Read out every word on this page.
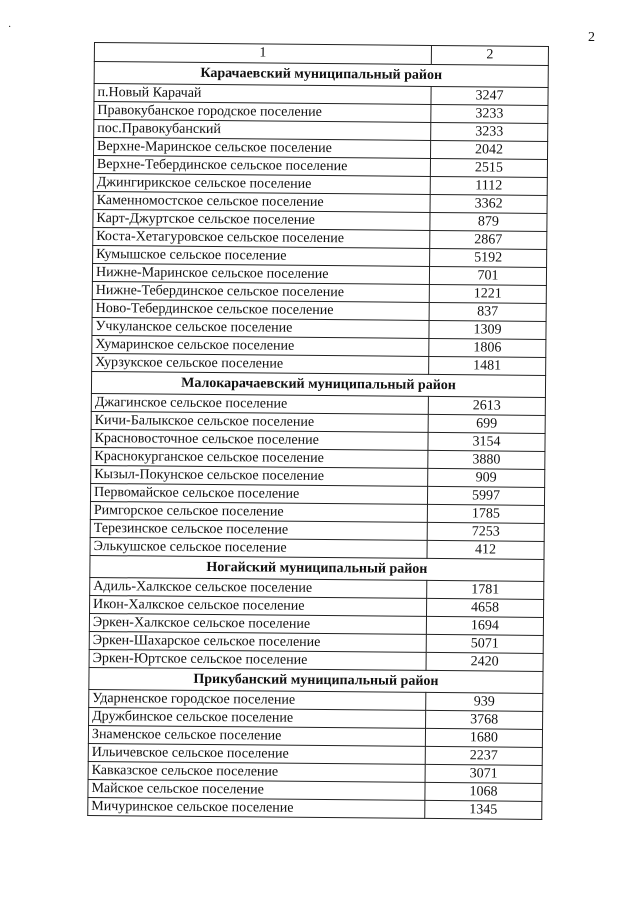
·
2
1	2
Карачаевский муниципальный район	
п.Новый Карачай	3247
Правокубанское городское поселение	3233
пос.Правокубанский	3233
Верхне-Маринское сельское поселение	2042
Верхне-Тебердинское сельское поселение	2515
Джингирикское сельское поселение	1112
Каменномостское сельское поселение	3362
Карт-Джуртское сельское поселение	879
Коста-Хетагуровское сельское поселение	2867
Кумышское сельское поселение	5192
Нижне-Маринское сельское поселение	701
Нижне-Тебердинское сельское поселение	1221
Ново-Тебердинское сельское поселение	837
Учкуланское сельское поселение	1309
Хумаринское сельское поселение	1806
Хурзукское сельское поселение	1481
Малокарачаевский муниципальный район	
Джагинское сельское поселение	2613
Кичи-Балыкское сельское поселение	699
Красновосточное сельское поселение	3154
Краснокурганское сельское поселение	3880
Кызыл-Покунское сельское поселение	909
Первомайское сельское поселение	5997
Римгорское сельское поселение	1785
Терезинское сельское поселение	7253
Элькушское сельское поселение	412
Ногайский муниципальный район	
Адиль-Халкское сельское поселение	1781
Икон-Халкское сельское поселение	4658
Эркен-Халкское сельское поселение	1694
Эркен-Шахарское сельское поселение	5071
Эркен-Юртское сельское поселение	2420
Прикубанский муниципальный район	
Ударненское городское поселение	939
Дружбинское сельское поселение	3768
Знаменское сельское поселение	1680
Ильичевское сельское поселение	2237
Кавказское сельское поселение	3071
Майское сельское поселение	1068
Мичуринское сельское поселение	1345
